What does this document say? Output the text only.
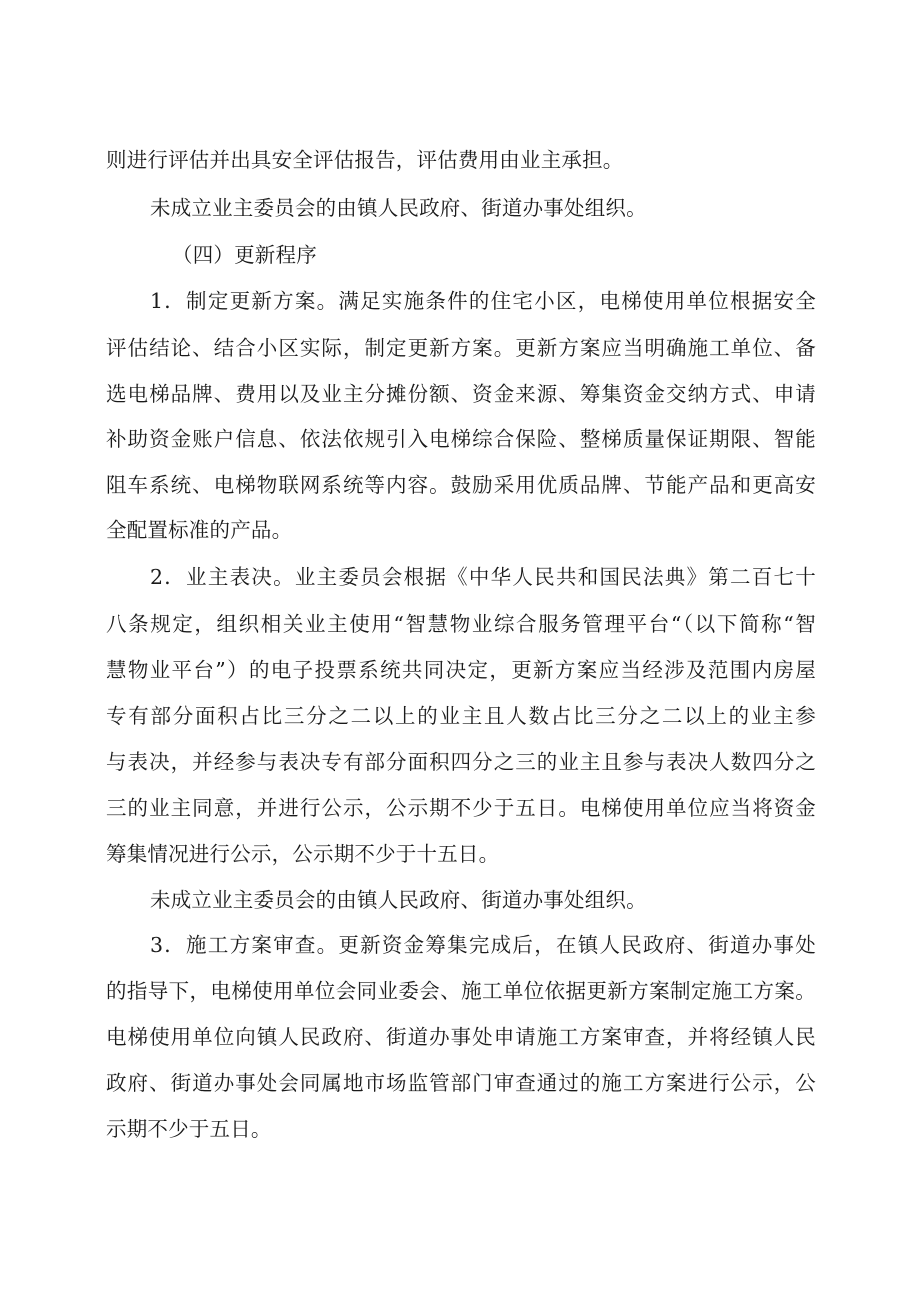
则进行评估并出具安全评估报告，评估费用由业主承担。
未成立业主委员会的由镇人民政府、街道办事处组织。
（四）更新程序
1．制定更新方案。满足实施条件的住宅小区，电梯使用单位根据安全
评估结论、结合小区实际，制定更新方案。更新方案应当明确施工单位、备
选电梯品牌、费用以及业主分摊份额、资金来源、筹集资金交纳方式、申请
补助资金账户信息、依法依规引入电梯综合保险、整梯质量保证期限、智能
阻车系统、电梯物联网系统等内容。鼓励采用优质品牌、节能产品和更高安
全配置标准的产品。
2．业主表决。业主委员会根据《中华人民共和国民法典》第二百七十
八条规定，组织相关业主使用“智慧物业综合服务管理平台“（以下简称“智
慧物业平台”）的电子投票系统共同决定，更新方案应当经涉及范围内房屋
专有部分面积占比三分之二以上的业主且人数占比三分之二以上的业主参
与表决，并经参与表决专有部分面积四分之三的业主且参与表决人数四分之
三的业主同意，并进行公示，公示期不少于五日。电梯使用单位应当将资金
筹集情况进行公示，公示期不少于十五日。
未成立业主委员会的由镇人民政府、街道办事处组织。
3．施工方案审查。更新资金筹集完成后，在镇人民政府、街道办事处
的指导下，电梯使用单位会同业委会、施工单位依据更新方案制定施工方案。
电梯使用单位向镇人民政府、街道办事处申请施工方案审查，并将经镇人民
政府、街道办事处会同属地市场监管部门审查通过的施工方案进行公示，公
示期不少于五日。
